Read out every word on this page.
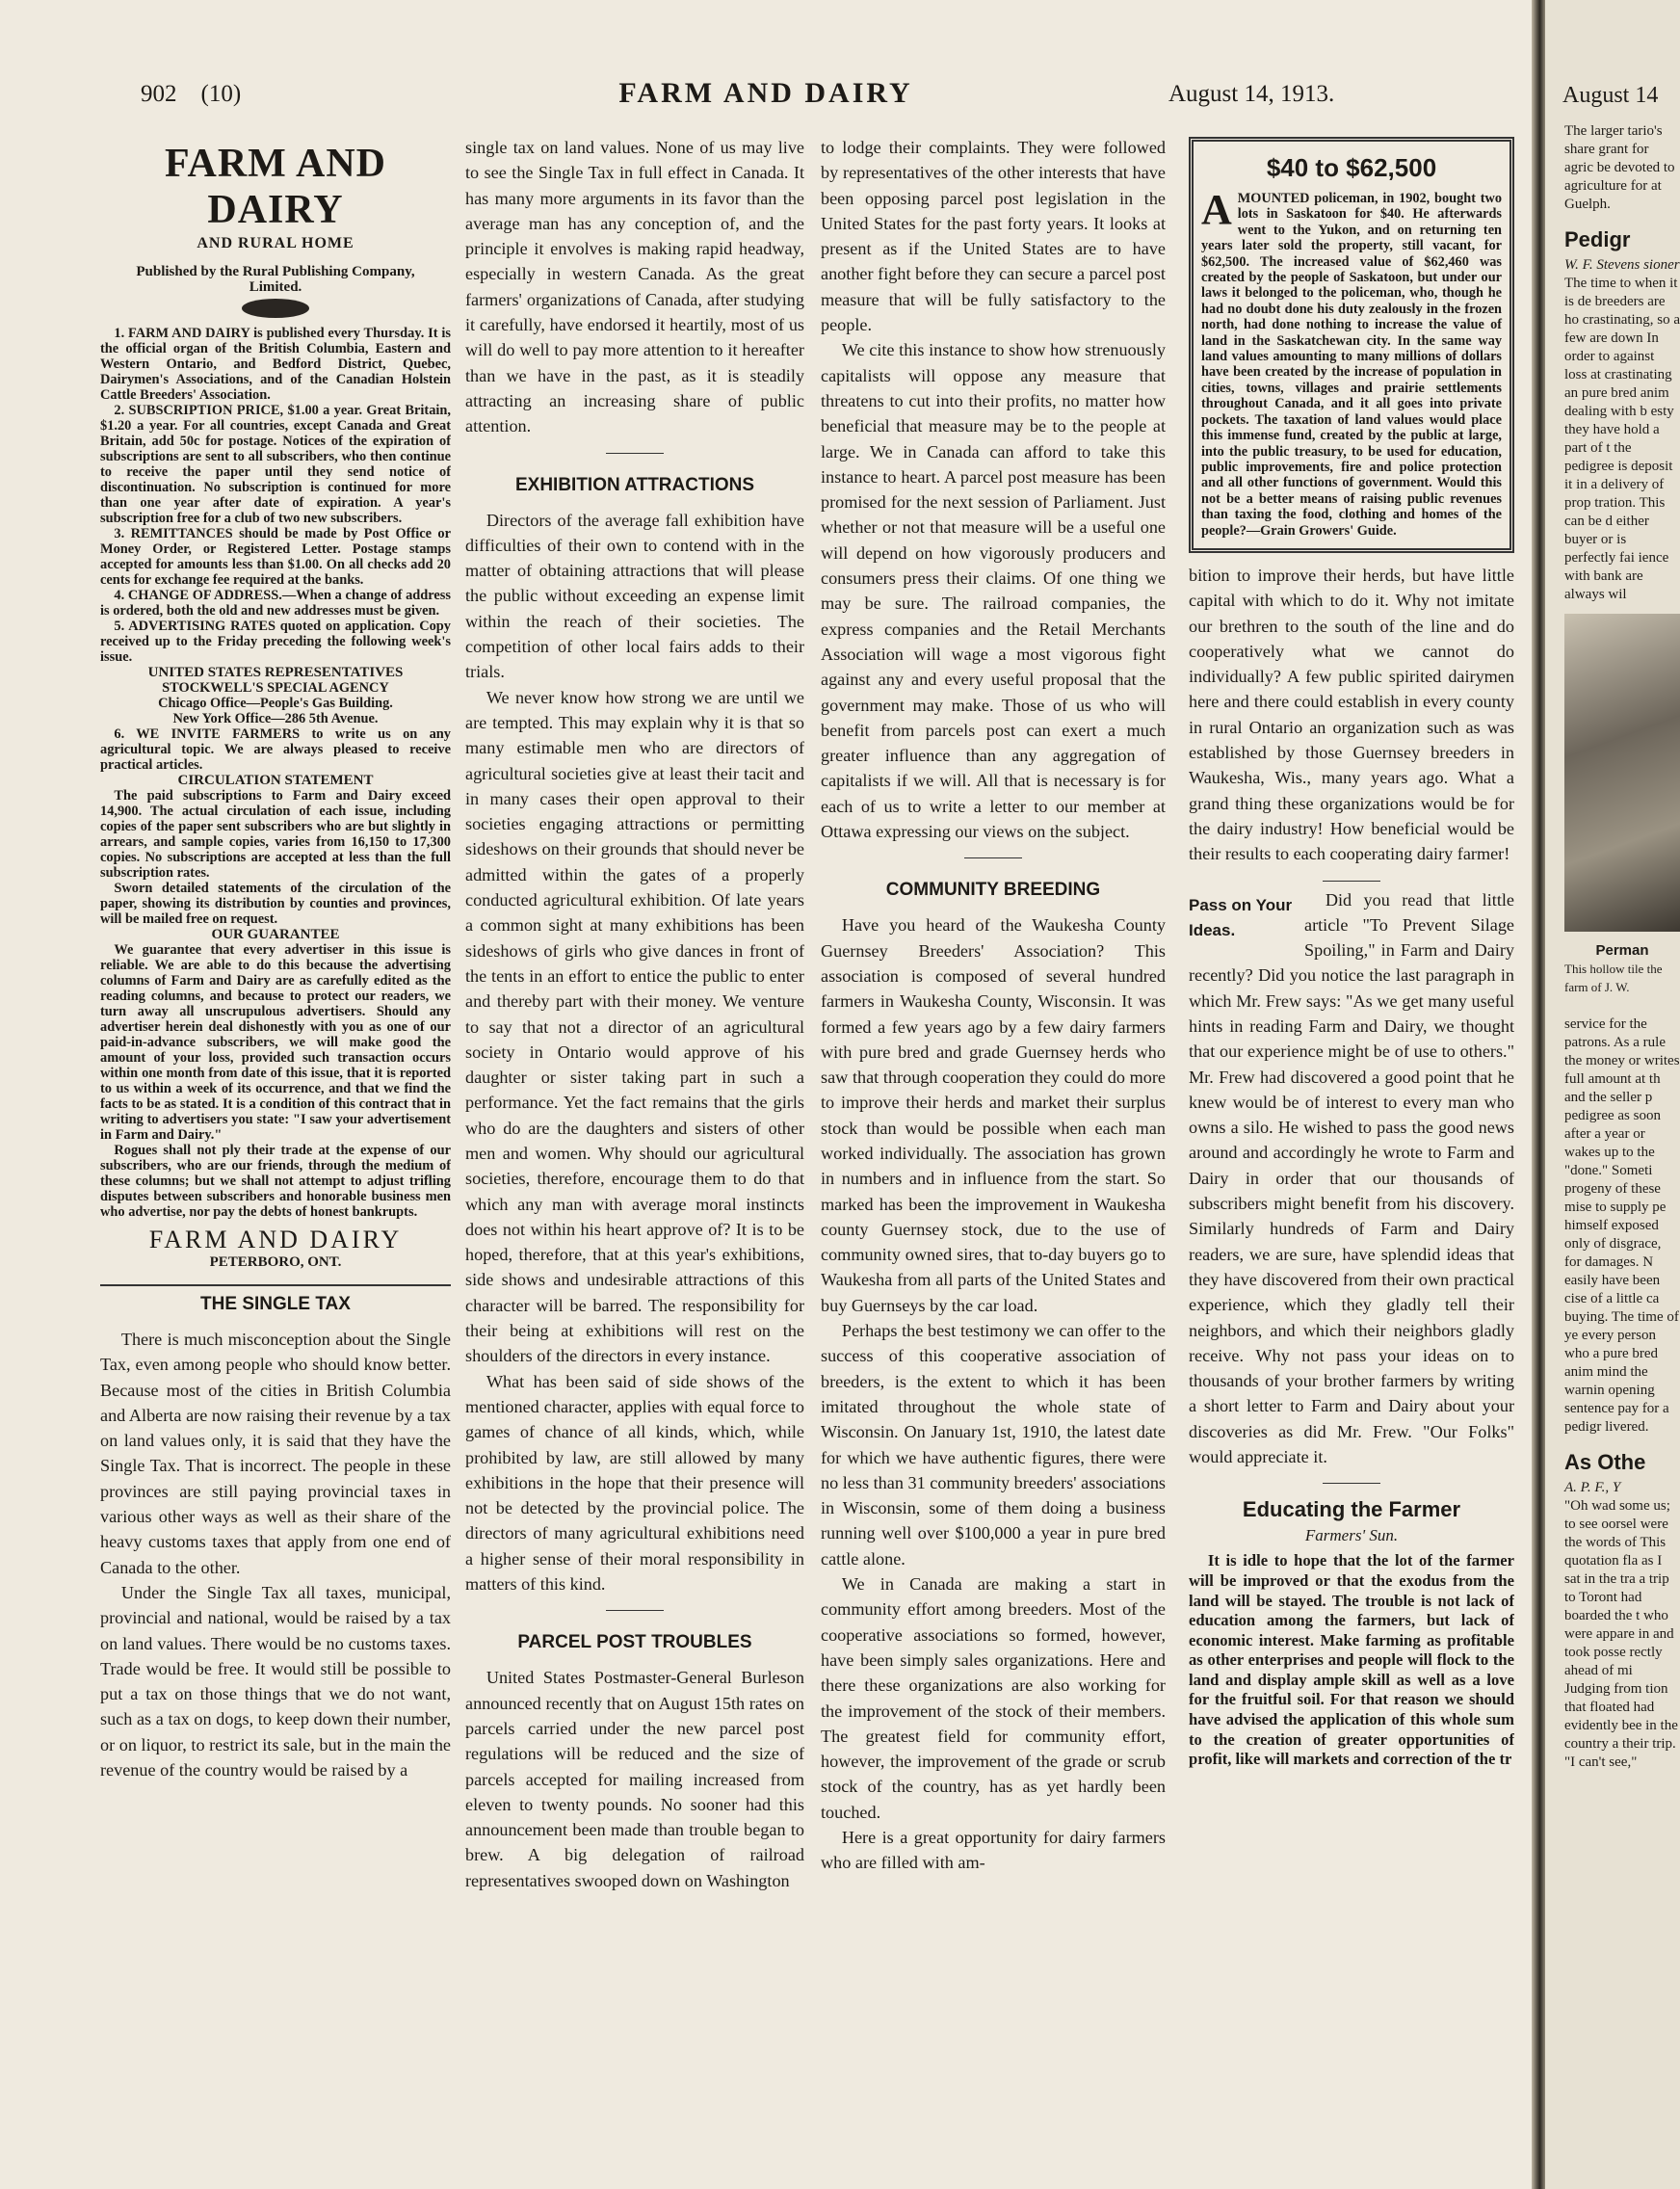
902 (10)	FARM AND DAIRY	August 14, 1913.
FARM AND DAIRY
AND RURAL HOME
Published by the Rural Publishing Company, Limited.

1. FARM AND DAIRY is published every Thursday. It is the official organ of the British Columbia, Eastern and Western Ontario, and Bedford District, Quebec, Dairymen's Associations, and of the Canadian Holstein Cattle Breeders' Association.

2. SUBSCRIPTION PRICE, $1.00 a year. Great Britain, $1.20 a year. For all countries, except Canada and Great Britain, add 50c for postage. Notices of the expiration of subscriptions are sent to all subscribers, who then continue to receive the paper until they send notice of discontinuation. No subscription is continued for more than one year after date of expiration. A year's subscription free for a club of two new subscribers.

3. REMITTANCES should be made by Post Office or Money Order, or Registered Letter. Postage stamps accepted for amounts less than $1.00. On all checks add 20 cents for exchange fee required at the banks.

4. CHANGE OF ADDRESS.—When a change of address is ordered, both the old and new addresses must be given.

5. ADVERTISING RATES quoted on application. Copy received up to the Friday preceding the following week's issue.

UNITED STATES REPRESENTATIVES

STOCKWELL'S SPECIAL AGENCY

Chicago Office—People's Gas Building.

New York Office—286 5th Avenue.

6. WE INVITE FARMERS to write us on any agricultural topic. We are always pleased to receive practical articles.

CIRCULATION STATEMENT

The paid subscriptions to Farm and Dairy exceed 14,900. The actual circulation of each issue, including copies of the paper sent subscribers who are but slightly in arrears, and sample copies, varies from 16,150 to 17,300 copies. No subscriptions are accepted at less than the full subscription rates.

Sworn detailed statements of the circulation of the paper, showing its distribution by counties and provinces, will be mailed free on request.

OUR GUARANTEE

We guarantee that every advertiser in this issue is reliable. We are able to do this because the advertising columns of Farm and Dairy are as carefully edited as the reading columns, and because to protect our readers, we turn away all unscrupulous advertisers. Should any advertiser herein deal dishonestly with you as one of our paid-in-advance subscribers, we will make good the amount of your loss, provided such transaction occurs within one month from date of this issue, that it is reported to us within a week of its occurrence, and that we find the facts to be as stated. It is a condition of this contract that in writing to advertisers you state: "I saw your advertisement in Farm and Dairy."

Rogues shall not ply their trade at the expense of our subscribers, who are our friends, through the medium of these columns; but we shall not attempt to adjust trifling disputes between subscribers and honorable business men who advertise, nor pay the debts of honest bankrupts.

FARM AND DAIRY
PETERBORO, ONT.
THE SINGLE TAX

There is much misconception about the Single Tax, even among people who should know better. Because most of the cities in British Columbia and Alberta are now raising their revenue by a tax on land values only, it is said that they have the Single Tax. That is incorrect. The people in these provinces are still paying provincial taxes in various other ways as well as their share of the heavy customs taxes that apply from one end of Canada to the other.

Under the Single Tax all taxes, municipal, provincial and national, would be raised by a tax on land values. There would be no customs taxes. Trade would be free. It would still be possible to put a tax on those things that we do not want, such as a tax on dogs, to keep down their number, or on liquor, to restrict its sale, but in the main the revenue of the country would be raised by a

single tax on land values. None of us may live to see the Single Tax in full effect in Canada. It has many more arguments in its favor than the average man has any conception of, and the principle it envolves is making rapid headway, especially in western Canada. As the great farmers' organizations of Canada, after studying it carefully, have endorsed it heartily, most of us will do well to pay more attention to it hereafter than we have in the past, as it is steadily attracting an increasing share of public attention.

EXHIBITION ATTRACTIONS

Directors of the average fall exhibition have difficulties of their own to contend with in the matter of obtaining attractions that will please the public without exceeding an expense limit within the reach of their societies. The competition of other local fairs adds to their trials.

We never know how strong we are until we are tempted. This may explain why it is that so many estimable men who are directors of agricultural societies give at least their tacit and in many cases their open approval to their societies engaging attractions or permitting sideshows on their grounds that should never be admitted within the gates of a properly conducted agricultural exhibition. Of late years a common sight at many exhibitions has been sideshows of girls who give dances in front of the tents in an effort to entice the public to enter and thereby part with their money. We venture to say that not a director of an agricultural society in Ontario would approve of his daughter or sister taking part in such a performance. Yet the fact remains that the girls who do are the daughters and sisters of other men and women. Why should our agricultural societies, therefore, encourage them to do that which any man with average moral instincts does not within his heart approve of? It is to be hoped, therefore, that at this year's exhibitions, side shows and undesirable attractions of this character will be barred. The responsibility for their being at exhibitions will rest on the shoulders of the directors in every instance.

What has been said of side shows of the mentioned character, applies with equal force to games of chance of all kinds, which, while prohibited by law, are still allowed by many exhibitions in the hope that their presence will not be detected by the provincial police. The directors of many agricultural exhibitions need a higher sense of their moral responsibility in matters of this kind.

PARCEL POST TROUBLES

United States Postmaster-General Burleson announced recently that on August 15th rates on parcels carried under the new parcel post regulations will be reduced and the size of parcels accepted for mailing increased from eleven to twenty pounds. No sooner had this announcement been made than trouble began to brew. A big delegation of railroad representatives swooped down on Washington

to lodge their complaints. They were followed by representatives of the other interests that have been opposing parcel post legislation in the United States for the past forty years. It looks at present as if the United States are to have another fight before they can secure a parcel post measure that will be fully satisfactory to the people.

We cite this instance to show how strenuously capitalists will oppose any measure that threatens to cut into their profits, no matter how beneficial that measure may be to the people at large. We in Canada can afford to take this instance to heart. A parcel post measure has been promised for the next session of Parliament. Just whether or not that measure will be a useful one will depend on how vigorously producers and consumers press their claims. Of one thing we may be sure. The railroad companies, the express companies and the Retail Merchants Association will wage a most vigorous fight against any and every useful proposal that the government may make. Those of us who will benefit from parcels post can exert a much greater influence than any aggregation of capitalists if we will. All that is necessary is for each of us to write a letter to our member at Ottawa expressing our views on the subject.

COMMUNITY BREEDING

Have you heard of the Waukesha County Guernsey Breeders' Association? This association is composed of several hundred farmers in Waukesha County, Wisconsin. It was formed a few years ago by a few dairy farmers with pure bred and grade Guernsey herds who saw that through cooperation they could do more to improve their herds and market their surplus stock than would be possible when each man worked individually. The association has grown in numbers and in influence from the start. So marked has been the improvement in Waukesha county Guernsey stock, due to the use of community owned sires, that to-day buyers go to Waukesha from all parts of the United States and buy Guernseys by the car load.

Perhaps the best testimony we can offer to the success of this cooperative association of breeders, is the extent to which it has been imitated throughout the whole state of Wisconsin. On January 1st, 1910, the latest date for which we have authentic figures, there were no less than 31 community breeders' associations in Wisconsin, some of them doing a business running well over $100,000 a year in pure bred cattle alone.

We in Canada are making a start in community effort among breeders. Most of the cooperative associations so formed, however, have been simply sales organizations. Here and there these organizations are also working for the improvement of the stock of their members. The greatest field for community effort, however, the improvement of the grade or scrub stock of the country, has as yet hardly been touched.

Here is a great opportunity for dairy farmers who are filled with am-

$40 to $62,500

AMOUNTED policeman, in 1902, bought two lots in Saskatoon for $40. He afterwards went to the Yukon, and on returning ten years later sold the property, still vacant, for $62,500. The increased value of $62,460 was created by the people of Saskatoon, but under our laws it belonged to the policeman, who, though he had no doubt done his duty zealously in the frozen north, had done nothing to increase the value of land in the Saskatchewan city. In the same way land values amounting to many millions of dollars have been created by the increase of population in cities, towns, villages and prairie settlements throughout Canada, and it all goes into private pockets. The taxation of land values would place this immense fund, created by the public at large, into the public treasury, to be used for education, public improvements, fire and police protection and all other functions of government. Would this not be a better means of raising public revenues than taxing the food, clothing and homes of the people?—Grain Growers' Guide.

bition to improve their herds, but have little capital with which to do it. Why not imitate our brethren to the south of the line and do cooperatively what we cannot do individually? A few public spirited dairymen here and there could establish in every county in rural Ontario an organization such as was established by those Guernsey breeders in Waukesha, Wis., many years ago. What a grand thing these organizations would be for the dairy industry! How beneficial would be their results to each cooperating dairy farmer!

Pass on Your Ideas.

Did you read that little article "To Prevent Silage Spoiling," in Farm and Dairy recently? Did you notice the last paragraph in which Mr. Frew says: "As we get many useful hints in reading Farm and Dairy, we thought that our experience might be of use to others." Mr. Frew had discovered a good point that he knew would be of interest to every man who owns a silo. He wished to pass the good news around and accordingly he wrote to Farm and Dairy in order that our thousands of subscribers might benefit from his discovery. Similarly hundreds of Farm and Dairy readers, we are sure, have splendid ideas that they have discovered from their own practical experience, which they gladly tell their neighbors, and which their neighbors gladly receive. Why not pass your ideas on to thousands of your brother farmers by writing a short letter to Farm and Dairy about your discoveries as did Mr. Frew. "Our Folks" would appreciate it.

Educating the Farmer
Farmers' Sun.

It is idle to hope that the lot of the farmer will be improved or that the exodus from the land will be stayed. The trouble is not lack of education among the farmers, but lack of economic interest. Make farming as profitable as other enterprises and people will flock to the land and display ample skill as well as a love for the fruitful soil. For that reason we should have advised the application of this whole sum to the creation of greater opportunities of profit, like will markets and correction of the tr

August 14
The larger tario's share grant for agric be devoted to agriculture for at Guelph.
Pedigr
W. F. Stevens sioner
The time to when it is de breeders are ho crastinating, so a few are down In order to against loss at crastinating an pure bred anim dealing with b esty they have hold a part of t the pedigree is deposit it in a delivery of prop tration. This can be d either buyer or is perfectly fai ience with bank are always wil
Perman
This hollow tile the farm of J. W.
service for the patrons. As a rule the money or writes full amount at th and the seller p pedigree as soon after a year or wakes up to the "done." Someti progeny of these mise to supply pe himself exposed only of disgrace, for damages. N easily have been cise of a little ca buying. The time of ye every person who a pure bred anim mind the warnin opening sentence pay for a pedigr livered.
As Othe
A. P. F., Y
"Oh wad some us; to see oorsel were the words of This quotation fla as I sat in the tra a trip to Toront had boarded the t who were appare in and took posse rectly ahead of mi Judging from tion that floated had evidently bee in the country a their trip. "I can't see,"
